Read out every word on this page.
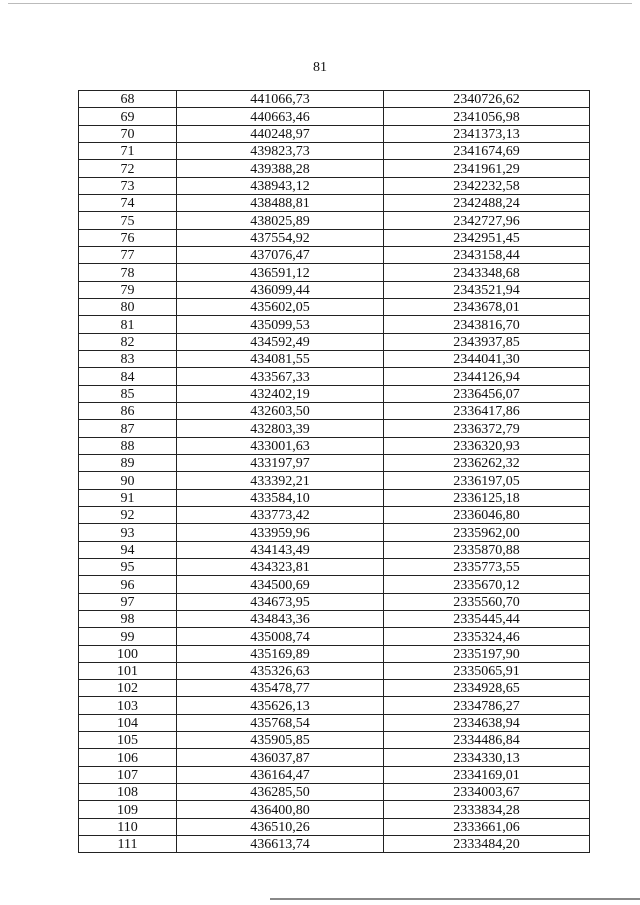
81
68	441066,73	2340726,62
69	440663,46	2341056,98
70	440248,97	2341373,13
71	439823,73	2341674,69
72	439388,28	2341961,29
73	438943,12	2342232,58
74	438488,81	2342488,24
75	438025,89	2342727,96
76	437554,92	2342951,45
77	437076,47	2343158,44
78	436591,12	2343348,68
79	436099,44	2343521,94
80	435602,05	2343678,01
81	435099,53	2343816,70
82	434592,49	2343937,85
83	434081,55	2344041,30
84	433567,33	2344126,94
85	432402,19	2336456,07
86	432603,50	2336417,86
87	432803,39	2336372,79
88	433001,63	2336320,93
89	433197,97	2336262,32
90	433392,21	2336197,05
91	433584,10	2336125,18
92	433773,42	2336046,80
93	433959,96	2335962,00
94	434143,49	2335870,88
95	434323,81	2335773,55
96	434500,69	2335670,12
97	434673,95	2335560,70
98	434843,36	2335445,44
99	435008,74	2335324,46
100	435169,89	2335197,90
101	435326,63	2335065,91
102	435478,77	2334928,65
103	435626,13	2334786,27
104	435768,54	2334638,94
105	435905,85	2334486,84
106	436037,87	2334330,13
107	436164,47	2334169,01
108	436285,50	2334003,67
109	436400,80	2333834,28
110	436510,26	2333661,06
111	436613,74	2333484,20
